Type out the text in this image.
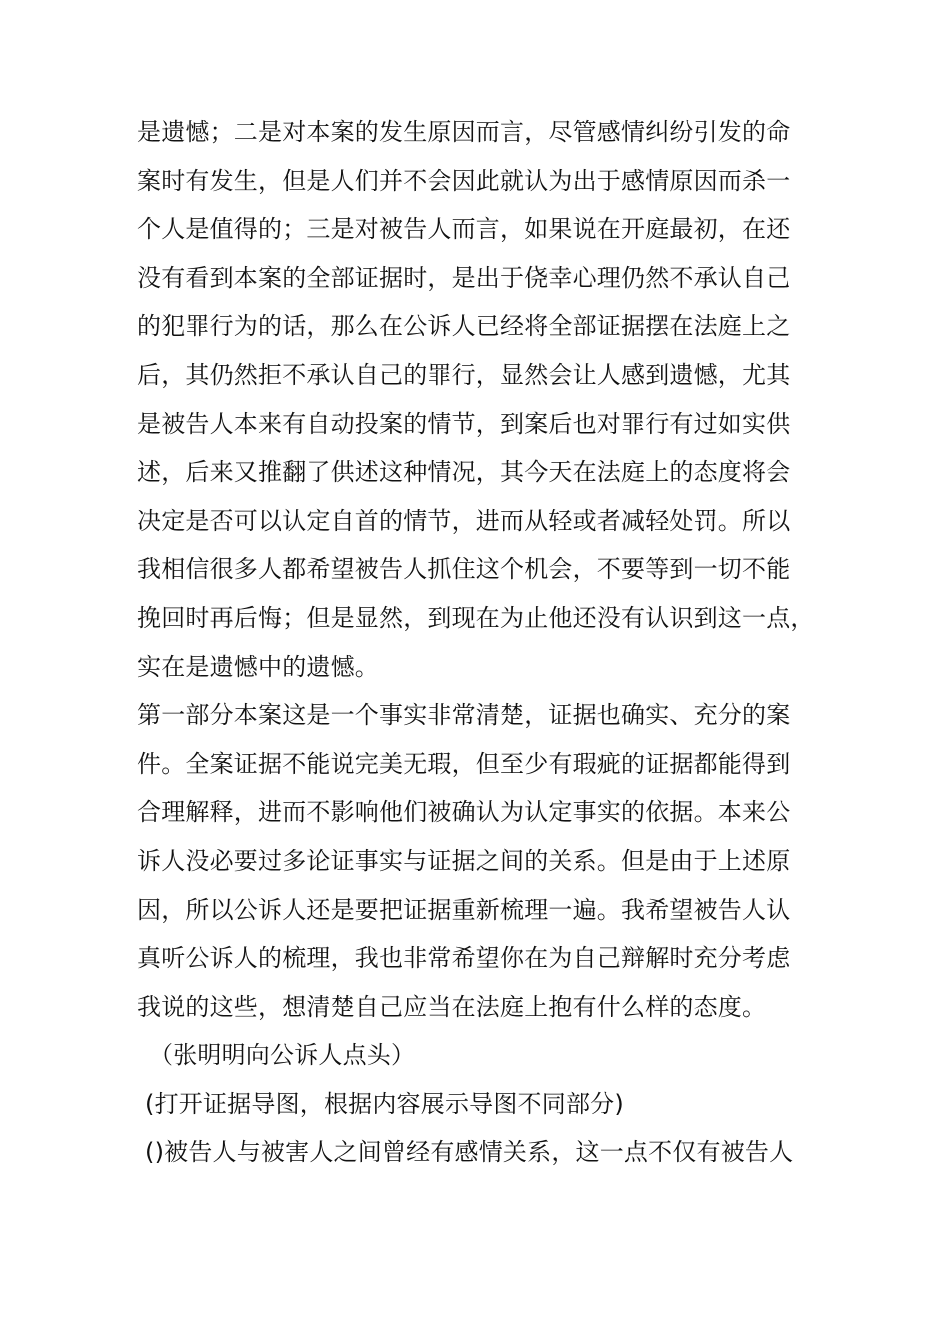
是遗憾；二是对本案的发生原因而言，尽管感情纠纷引发的命
案时有发生，但是人们并不会因此就认为出于感情原因而杀一
个人是值得的；三是对被告人而言，如果说在开庭最初，在还
没有看到本案的全部证据时，是出于侥幸心理仍然不承认自己
的犯罪行为的话，那么在公诉人已经将全部证据摆在法庭上之
后，其仍然拒不承认自己的罪行，显然会让人感到遗憾，尤其
是被告人本来有自动投案的情节，到案后也对罪行有过如实供
述，后来又推翻了供述这种情况，其今天在法庭上的态度将会
决定是否可以认定自首的情节，进而从轻或者减轻处罚。所以
我相信很多人都希望被告人抓住这个机会，不要等到一切不能
挽回时再后悔；但是显然，到现在为止他还没有认识到这一点，
实在是遗憾中的遗憾。
第一部分本案这是一个事实非常清楚，证据也确实、充分的案
件。全案证据不能说完美无瑕，但至少有瑕疵的证据都能得到
合理解释，进而不影响他们被确认为认定事实的依据。本来公
诉人没必要过多论证事实与证据之间的关系。但是由于上述原
因，所以公诉人还是要把证据重新梳理一遍。我希望被告人认
真听公诉人的梳理，我也非常希望你在为自己辩解时充分考虑
我说的这些，想清楚自己应当在法庭上抱有什么样的态度。
（张明明向公诉人点头）
(打开证据导图，根据内容展示导图不同部分)
()被告人与被害人之间曾经有感情关系，这一点不仅有被告人
